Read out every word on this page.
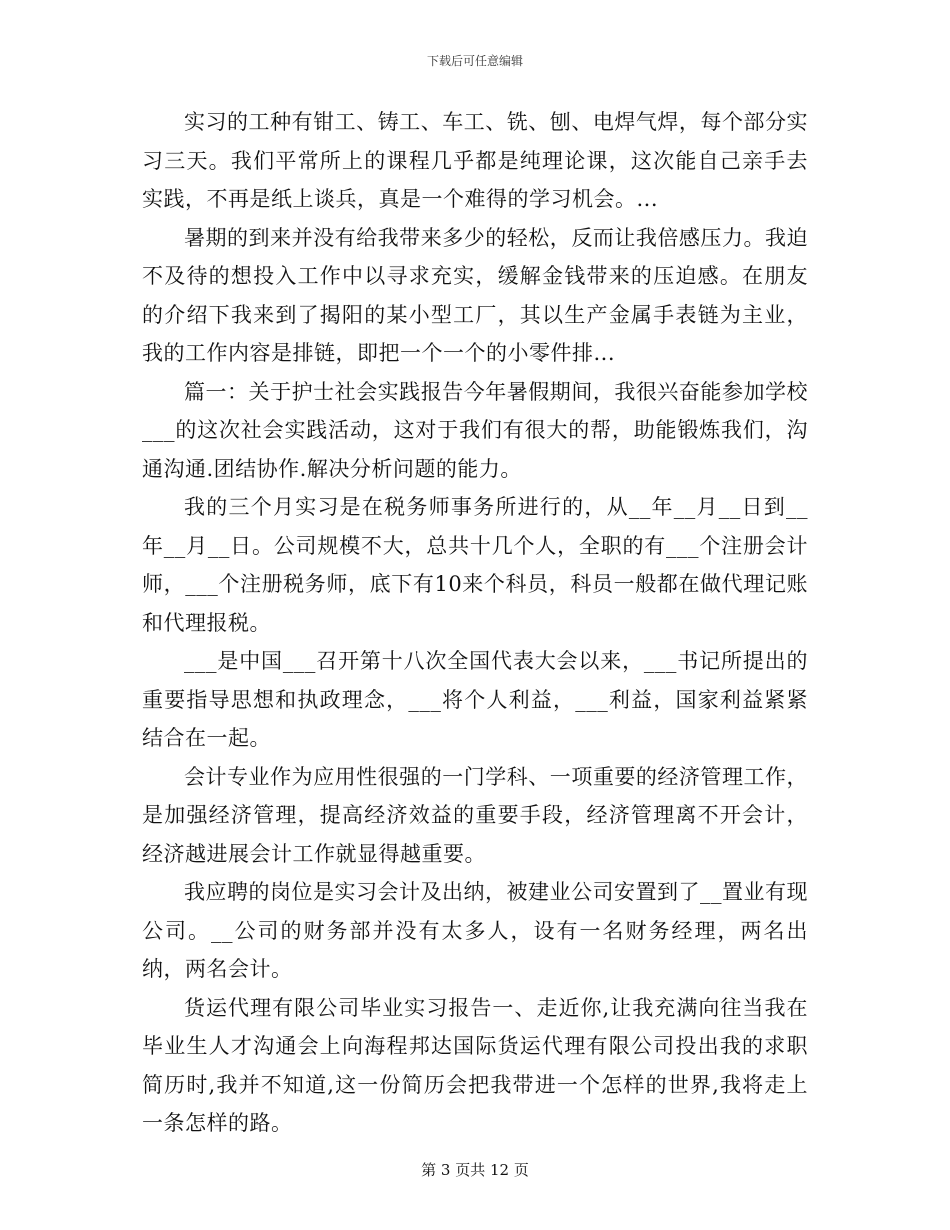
下载后可任意编辑

实习的工种有钳工、铸工、车工、铣、刨、电焊气焊，每个部分实习三天。我们平常所上的课程几乎都是纯理论课，这次能自己亲手去实践，不再是纸上谈兵，真是一个难得的学习机会。...

暑期的到来并没有给我带来多少的轻松，反而让我倍感压力。我迫不及待的想投入工作中以寻求充实，缓解金钱带来的压迫感。在朋友的介绍下我来到了揭阳的某小型工厂，其以生产金属手表链为主业，我的工作内容是排链，即把一个一个的小零件排...

篇一：关于护士社会实践报告今年暑假期间，我很兴奋能参加学校___的这次社会实践活动，这对于我们有很大的帮，助能锻炼我们，沟通沟通.团结协作.解决分析问题的能力。

我的三个月实习是在税务师事务所进行的，从__年__月__日到__年__月__日。公司规模不大，总共十几个人，全职的有___个注册会计师，___个注册税务师，底下有10来个科员，科员一般都在做代理记账和代理报税。

___是中国___召开第十八次全国代表大会以来，___书记所提出的重要指导思想和执政理念，___将个人利益，___利益，国家利益紧紧结合在一起。

会计专业作为应用性很强的一门学科、一项重要的经济管理工作，是加强经济管理，提高经济效益的重要手段，经济管理离不开会计，经济越进展会计工作就显得越重要。

我应聘的岗位是实习会计及出纳，被建业公司安置到了__置业有现公司。__公司的财务部并没有太多人，设有一名财务经理，两名出纳，两名会计。

货运代理有限公司毕业实习报告一、走近你,让我充满向往当我在毕业生人才沟通会上向海程邦达国际货运代理有限公司投出我的求职简历时,我并不知道,这一份简历会把我带进一个怎样的世界,我将走上一条怎样的路。

第 3 页共 12 页
